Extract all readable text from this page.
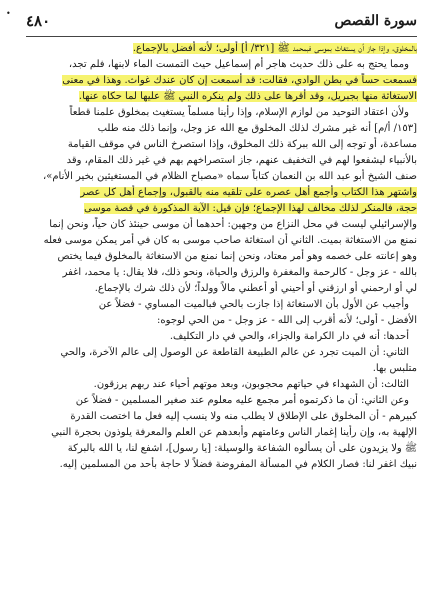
•	سورة القصص
٤٨٠
بالمخلوق، وإذا جاز أن يستغاث بموسى فبمحمد ﷺ [٣٢١/ أ] أولى؛ لأنه أفضل بالإجماع.
ومما يحتج به على ذلك حديث هاجر أم إسماعيل حيث التمست الماء لابنها، فلم تجد،
فسمعت حساً في بطن الوادي، فقالت: قد أسمعت إن كان عندك غواث. وهذا في معنى
الاستغاثة منها بجبريل، وقد أقرها على ذلك ولم ينكره النبي ﷺ عليها لما حكاه عنها.
ولأن اعتقاد التوحيد من لوازم الإسلام، وإذا رأينا مسلماً يستغيث بمخلوق علمنا قطعاً
[١٥٣/ أ/م] أنه غير مشرك لذلك المخلوق مع الله عز وجل، وإنما ذلك منه طلب
مساعدة، أو توجه إلى الله ببركة ذلك المخلوق، وإذا استصرخ الناس في موقف القيامة
بالأنبياء ليشفعوا لهم في التخفيف عنهم، جاز استصراخهم بهم في غير ذلك المقام، وقد
صنف الشيخ أبو عبد الله بن النعمان كتاباً سماه «مصباح الظلام في المستغيثين بخير الأنام»،
واشتهر هذا الكتاب وأجمع أهل عصره على تلقيه منه بالقبول، وإجماع أهل كل عصر
حجة، فالمنكر لذلك مخالف لهذا الإجماع؛ فإن قيل: الآية المذكورة في قصة موسى
والإسرائيلي ليست في محل النزاع من وجهين: أحدهما أن موسى حينئذ كان حياً، ونحن إنما
نمنع من الاستغاثة بميت. الثاني أن استغاثة صاحب موسى به كان في أمر يمكن موسى فعله
وهو إعانته على خصمه وهو أمر معتاد، ونحن إنما نمنع من الاستغاثة بالمخلوق فيما يختص
بالله - عز وجل - كالرحمة والمغفرة والرزق والحياة، ونحو ذلك، فلا يقال: يا محمد، اغفر
لي أو ارحمني أو ارزقني أو أحيني أو أعطني مالاً وولداً؛ لأن ذلك شرك بالإجماع.
وأجيب عن الأول بأن الاستغاثة إذا جازت بالحي فبالميت المساوي - فضلاً عن
الأفضل - أولى؛ لأنه أقرب إلى الله - عز وجل - من الحي لوجوه:
أحدها: أنه في دار الكرامة والجزاء، والحي في دار التكليف.
الثاني: أن الميت تجرد عن عالم الطبيعة القاطعة عن الوصول إلى عالم الآخرة، والحي
متلبس بها.
الثالث: أن الشهداء في حياتهم محجوبون، وبعد موتهم أحياء عند ربهم يرزقون.
وعن الثاني: أن ما ذكرتموه أمر مجمع عليه معلوم عند صغير المسلمين - فضلاً عن
كبيرهم - أن المخلوق على الإطلاق لا يطلب منه ولا ينسب إليه فعل ما اختصت القدرة
الإلهية به، وإن رأينا إغمار الناس وعامتهم وأبعدهم عن العلم والمعرفة يلوذون بحجرة النبي
ﷺ ولا يزيدون على أن يسألوه الشفاعة والوسيلة: [يا رسول]، اشفع لنا، يا الله بالبركة
نبيك اغفر لنا: فصار الكلام في المسألة المفروضة فضلاً لا حاجة بأحد من المسلمين إليه.
